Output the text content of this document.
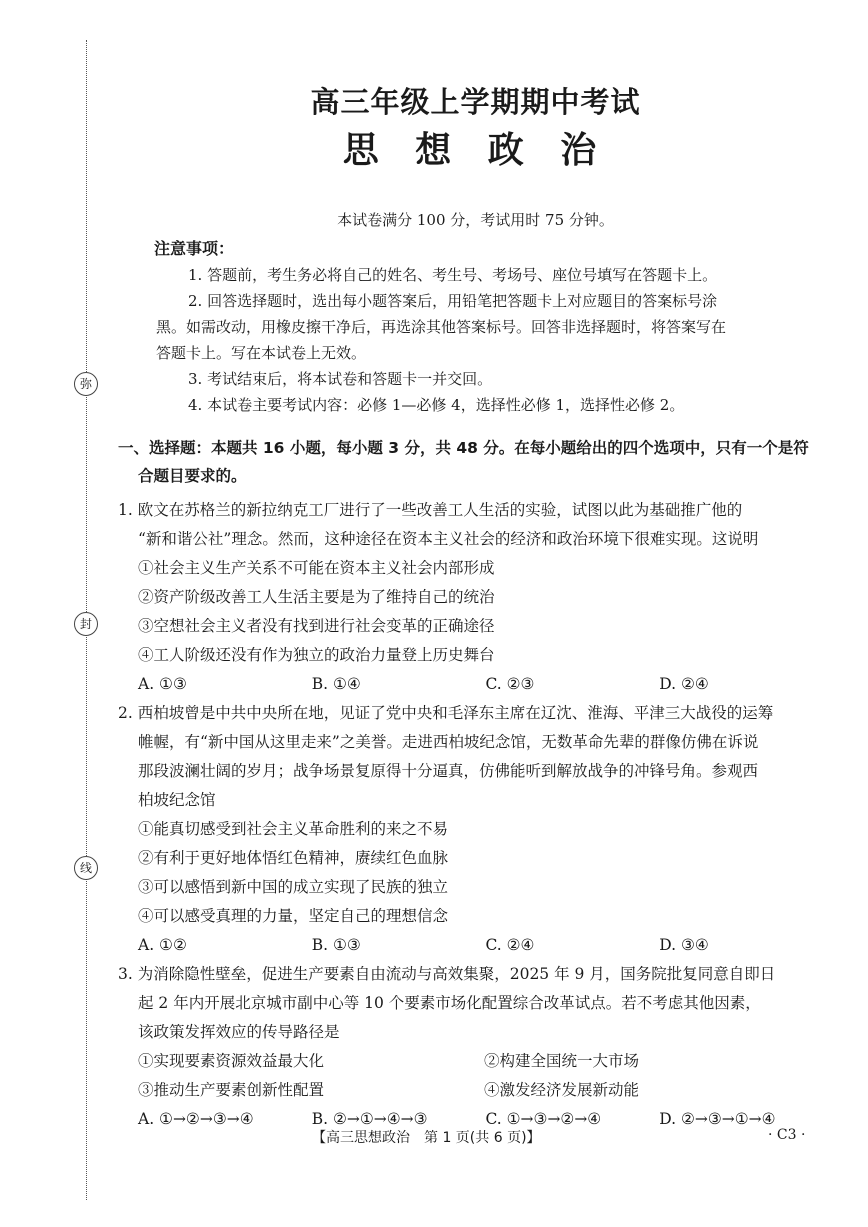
弥
封
线
高三年级上学期期中考试
思 想 政 治
本试卷满分 100 分，考试用时 75 分钟。
注意事项：

1. 答题前，考生务必将自己的姓名、考生号、考场号、座位号填写在答题卡上。

2. 回答选择题时，选出每小题答案后，用铅笔把答题卡上对应题目的答案标号涂

黑。如需改动，用橡皮擦干净后，再选涂其他答案标号。回答非选择题时，将答案写在

答题卡上。写在本试卷上无效。

3. 考试结束后，将本试卷和答题卡一并交回。

4. 本试卷主要考试内容：必修 1—必修 4，选择性必修 1，选择性必修 2。

一、选择题：本题共 16 小题，每小题 3 分，共 48 分。在每小题给出的四个选项中，只有一个是符
合题目要求的。

1. 欧文在苏格兰的新拉纳克工厂进行了一些改善工人生活的实验，试图以此为基础推广他的

“新和谐公社”理念。然而，这种途径在资本主义社会的经济和政治环境下很难实现。这说明

①社会主义生产关系不可能在资本主义社会内部形成

②资产阶级改善工人生活主要是为了维持自己的统治

③空想社会主义者没有找到进行社会变革的正确途径

④工人阶级还没有作为独立的政治力量登上历史舞台

A. ①③	B. ①④	C. ②③	D. ②④

2. 西柏坡曾是中共中央所在地，见证了党中央和毛泽东主席在辽沈、淮海、平津三大战役的运筹

帷幄，有“新中国从这里走来”之美誉。走进西柏坡纪念馆，无数革命先辈的群像仿佛在诉说

那段波澜壮阔的岁月；战争场景复原得十分逼真，仿佛能听到解放战争的冲锋号角。参观西

柏坡纪念馆

①能真切感受到社会主义革命胜利的来之不易

②有利于更好地体悟红色精神，赓续红色血脉

③可以感悟到新中国的成立实现了民族的独立

④可以感受真理的力量，坚定自己的理想信念

A. ①②	B. ①③	C. ②④	D. ③④

3. 为消除隐性壁垒，促进生产要素自由流动与高效集聚，2025 年 9 月，国务院批复同意自即日

起 2 年内开展北京城市副中心等 10 个要素市场化配置综合改革试点。若不考虑其他因素，

该政策发挥效应的传导路径是

①实现要素资源效益最大化	②构建全国统一大市场
③推动生产要素创新性配置	④激发经济发展新动能
A. ①→②→③→④	B. ②→①→④→③	C. ①→③→②→④	D. ②→③→①→④
【高三思想政治　第 1 页(共 6 页)】	· C3 ·
